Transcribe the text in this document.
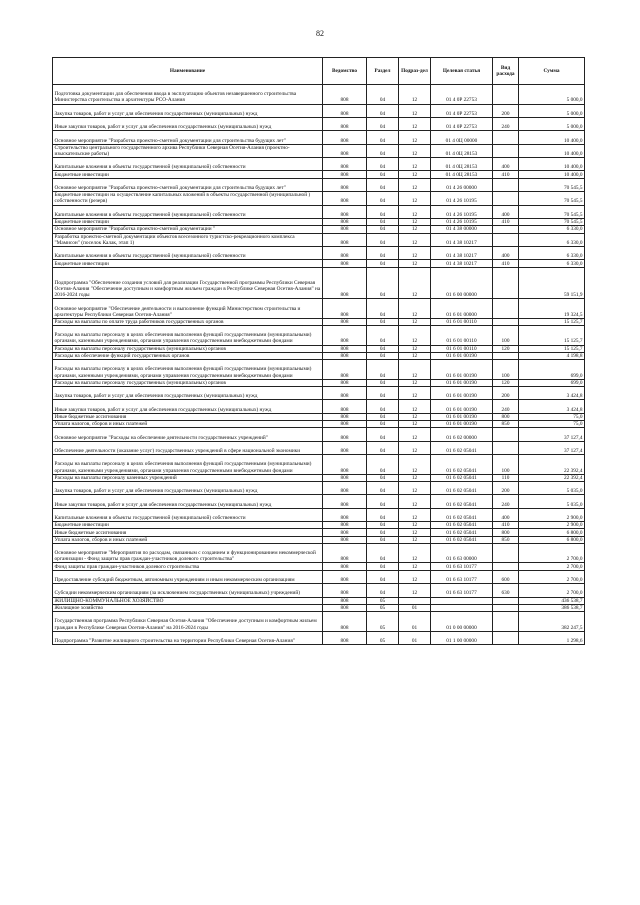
82
Наименование	Ведомство	Раздел	Подраз-дел	Целевая статья	Вид расхода	Сумма
Подготовка документации для обеспечения ввода в эксплуатацию объектов незавершенного строительства Министерства строительства и архитектуры РСО-Алания	808	04	12	01 4 0Р 22753		5 000,0
Закупка товаров, работ и услуг для обеспечения государственных (муниципальных) нужд	808	04	12	01 4 0Р 22753	200	5 000,0
Иные закупки товаров, работ и услуг для обеспечения государственных (муниципальных) нужд	808	04	12	01 4 0Р 22753	240	5 000,0
Основное мероприятие "Разработка проектно-сметной документации для строительства будущих лет"	808	04	12	01 4 0Ц 00000		10 400,0
Строительство центрального государственного архива Республики Северная Осетия-Алания (проектно-изыскательские работы)	808	04	12	01 4 0Ц 28153		10 400,0
Капитальные вложения в объекты государственной (муниципальной) собственности	808	04	12	01 4 0Ц 28153	400	10 400,0
Бюджетные инвестиции	808	04	12	01 4 0Ц 28153	410	10 400,0
Основное мероприятие "Разработка проектно-сметной документации для строительства будущих лет"	808	04	12	01 4 26 00000		70 545,5
Бюджетные инвестиции на осуществление капитальных вложений в объекты государственной (муниципальной ) собственности (резерв)	808	04	12	01 4 26 10195		70 545,5
Капитальные вложения в объекты государственной (муниципальной) собственности	808	04	12	01 4 26 10195	400	70 545,5
Бюджетные инвестиции	808	04	12	01 4 26 10195	410	70 545,5
Основное мероприятие "Разработка проектно-сметной документации "	808	04	12	01 4 38 00000		6 330,0
Разработка проектно-сметной документации объектов всесезонного туристско-рекреационного комплекса "Мамисон" (поселок Калак, этап 1)	808	04	12	01 4 38 10217		6 330,0
Капитальные вложения в объекты государственной (муниципальной) собственности	808	04	12	01 4 38 10217	400	6 330,0
Бюджетные инвестиции	808	04	12	01 4 38 10217	410	6 330,0
Подпрограмма "Обеспечение создания условий для реализации Государственной программы Республики Северная Осетия-Алания "Обеспечение доступным и комфортным жильем граждан в Республике Северная Осетия-Алания" на 2016-2024 годы	808	04	12	01 6 00 00000		59 151,9
Основное мероприятие "Обеспечение деятельности и выполнение функций Министерством строительства и архитектуры Республики Северная Осетия-Алания"	808	04	12	01 6 01 00000		19 324,5
Расходы на выплаты по оплате труда работников государственных органов	808	04	12	01 6 01 00110		15 125,7
Расходы на выплаты персоналу в целях обеспечения выполнения функций государственными (муниципальными) органами, казенными учреждениями, органами управления государственными внебюджетными фондами	808	04	12	01 6 01 00110	100	15 125,7
Расходы на выплаты персоналу государственных (муниципальных) органов	808	04	12	01 6 01 00110	120	15 125,7
Расходы на обеспечение функций государственных органов	808	04	12	01 6 01 00190		4 198,8
Расходы на выплаты персоналу в целях обеспечения выполнения функций государственными (муниципальными) органами, казенными учреждениями, органами управления государственными внебюджетными фондами	808	04	12	01 6 01 00190	100	699,0
Расходы на выплаты персоналу государственных (муниципальных) органов	808	04	12	01 6 01 00190	120	699,0
Закупка товаров, работ и услуг для обеспечения государственных (муниципальных) нужд	808	04	12	01 6 01 00190	200	3 424,8
Иные закупки товаров, работ и услуг для обеспечения государственных (муниципальных) нужд	808	04	12	01 6 01 00190	240	3 424,8
Иные бюджетные ассигнования	808	04	12	01 6 01 00190	800	75,0
Уплата налогов, сборов и иных платежей	808	04	12	01 6 01 00190	850	75,0
Основное мероприятие "Расходы на обеспечение деятельности государственных учреждений"	808	04	12	01 6 02 00000		37 127,4
Обеспечение деятельности (оказание услуг) государственных учреждений в сфере национальной экономики	808	04	12	01 6 02 05041		37 127,4
Расходы на выплаты персоналу в целях обеспечения выполнения функций государственными (муниципальными) органами, казенными учреждениями, органами управления государственными внебюджетными фондами	808	04	12	01 6 02 05041	100	22 392,4
Расходы на выплаты персоналу казенных учреждений	808	04	12	01 6 02 05041	110	22 392,4
Закупка товаров, работ и услуг для обеспечения государственных (муниципальных) нужд	808	04	12	01 6 02 05041	200	5 035,0
Иные закупки товаров, работ и услуг для обеспечения государственных (муниципальных) нужд	808	04	12	01 6 02 05041	240	5 035,0
Капитальные вложения в объекты государственной (муниципальной) собственности	808	04	12	01 6 02 05041	400	2 900,0
Бюджетные инвестиции	808	04	12	01 6 02 05041	410	2 900,0
Иные бюджетные ассигнования	808	04	12	01 6 02 05041	800	6 800,0
Уплата налогов, сборов и иных платежей	808	04	12	01 6 02 05041	850	6 800,0
Основное мероприятие "Мероприятия по расходам, связанным с созданием и функционированием некоммерческой организации - Фонд защиты прав граждан-участников долевого строительства"	808	04	12	01 6 63 00000		2 700,0
Фонд защиты прав граждан-участников долевого строительства	808	04	12	01 6 63 10177		2 700,0
Предоставление субсидий бюджетным, автономным учреждениям и иным некоммерческим организациям	808	04	12	01 6 63 10177	600	2 700,0
Субсидии некоммерческим организациям (за исключением государственных (муниципальных) учреждений)	808	04	12	01 6 63 10177	630	2 700,0
ЖИЛИЩНО-КОММУНАЛЬНОЕ ХОЗЯЙСТВО	808	05				436 538,7
Жилищное хозяйство	808	05	01			386 538,7
Государственная программа Республики Северная Осетия-Алания "Обеспечение доступным и комфортным жильем граждан в Республике Северная Осетия-Алания" на 2016-2024 годы	808	05	01	01 0 00 00000		382 247,5
Подпрограмма "Развитие жилищного строительства на территории Республики Северная Осетия-Алания"	808	05	01	01 1 00 00000		1 298,6
